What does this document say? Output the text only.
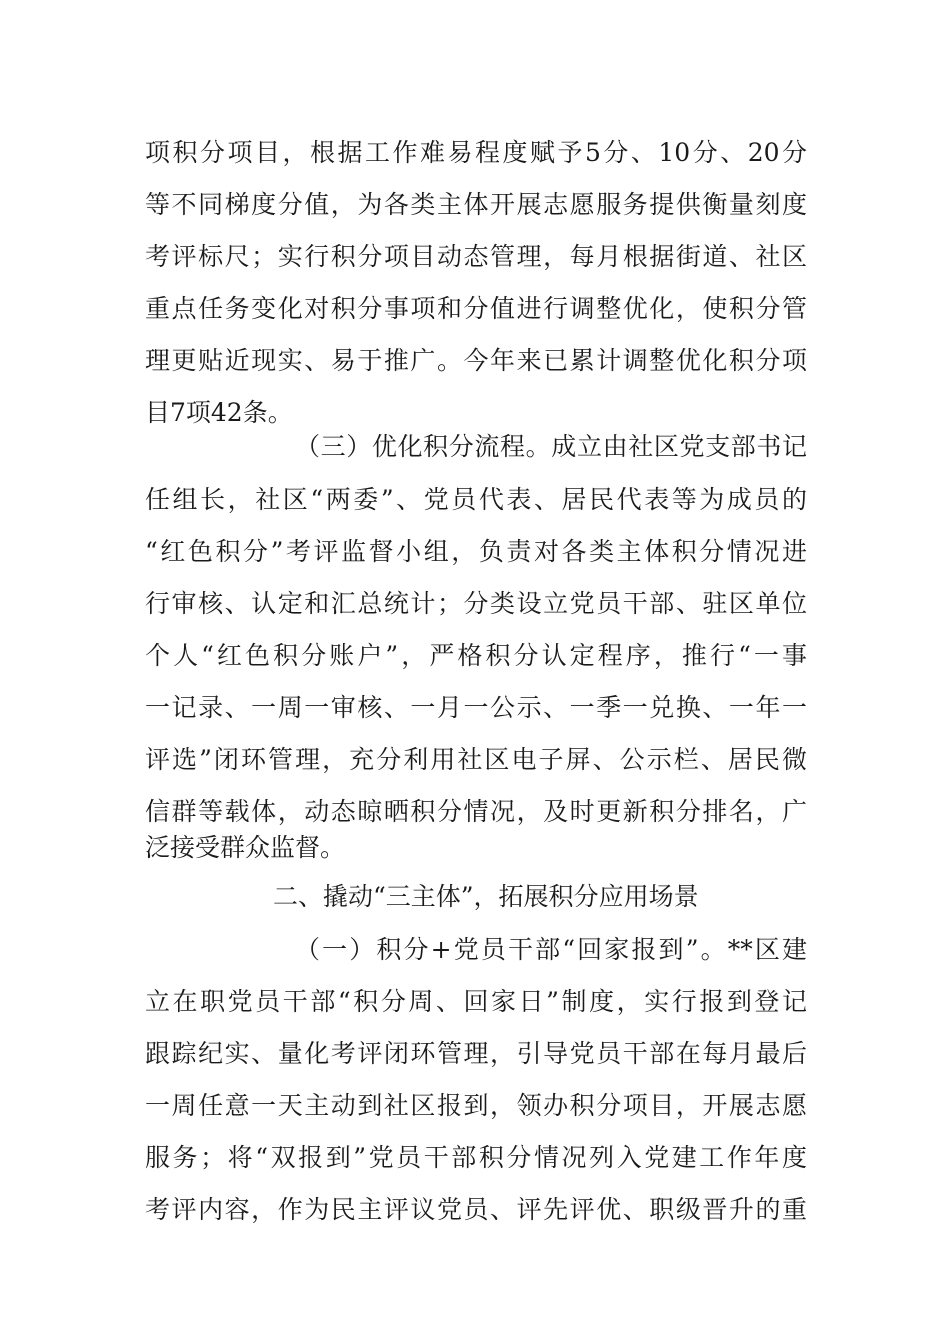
项积分项目，根据工作难易程度赋予5分、10分、20分
等不同梯度分值，为各类主体开展志愿服务提供衡量刻度
考评标尺；实行积分项目动态管理，每月根据街道、社区
重点任务变化对积分事项和分值进行调整优化，使积分管
理更贴近现实、易于推广。今年来已累计调整优化积分项
目7项42条。
（三）优化积分流程。成立由社区党支部书记
任组长，社区“两委”、党员代表、居民代表等为成员的
“红色积分”考评监督小组，负责对各类主体积分情况进
行审核、认定和汇总统计；分类设立党员干部、驻区单位
个人“红色积分账户”，严格积分认定程序，推行“一事
一记录、一周一审核、一月一公示、一季一兑换、一年一
评选”闭环管理，充分利用社区电子屏、公示栏、居民微
信群等载体，动态晾晒积分情况，及时更新积分排名，广
泛接受群众监督。
二、撬动“三主体”，拓展积分应用场景
（一）积分+党员干部“回家报到”。**区建
立在职党员干部“积分周、回家日”制度，实行报到登记
跟踪纪实、量化考评闭环管理，引导党员干部在每月最后
一周任意一天主动到社区报到，领办积分项目，开展志愿
服务；将“双报到”党员干部积分情况列入党建工作年度
考评内容，作为民主评议党员、评先评优、职级晋升的重
